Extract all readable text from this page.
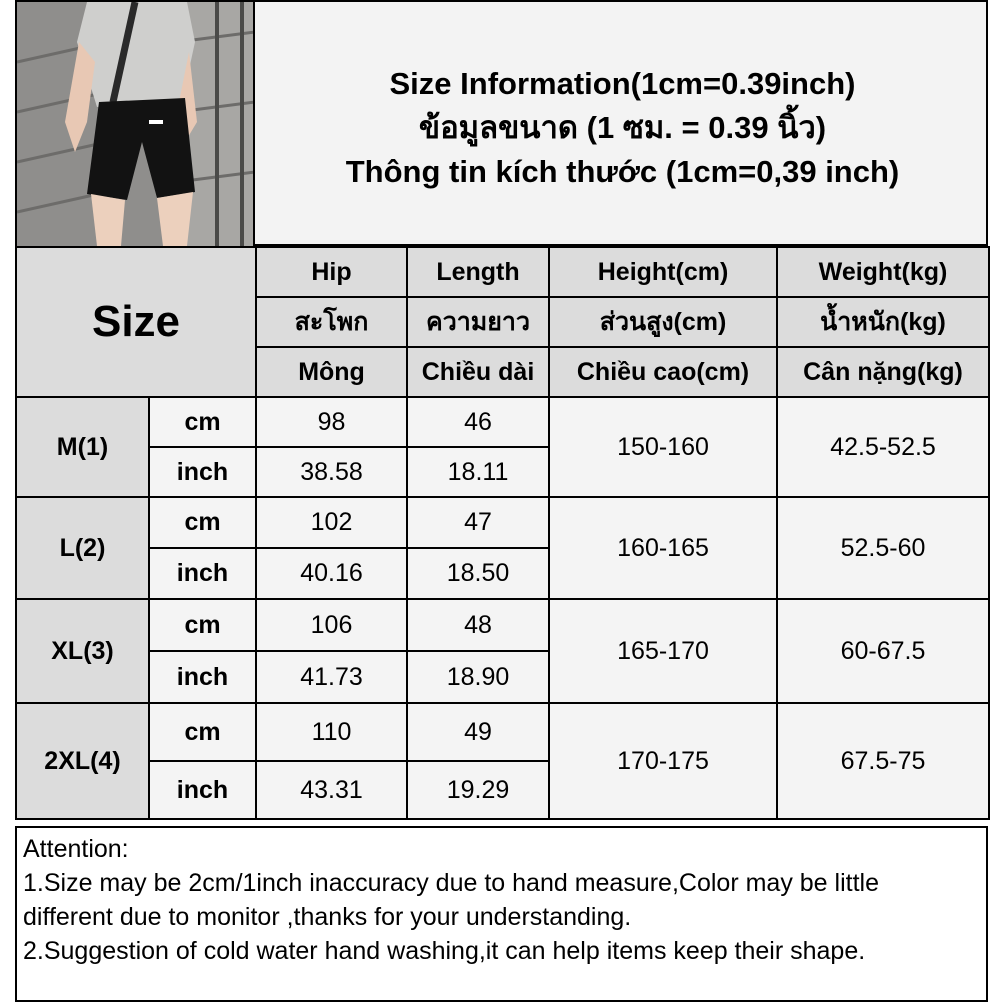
Size Information(1cm=0.39inch)
ข้อมูลขนาด (1 ซม. = 0.39 นิ้ว)
Thông tin kích thước (1cm=0,39 inch)
Size		Hip	Length	Height(cm)	Weight(kg)
		สะโพก	ความยาว	ส่วนสูง(cm)	น้ำหนัก(kg)
		Mông	Chiều dài	Chiều cao(cm)	Cân nặng(kg)
M(1)	cm	98	46	150-160	42.5-52.5
	inch	38.58	18.11		
L(2)	cm	102	47	160-165	52.5-60
	inch	40.16	18.50		
XL(3)	cm	106	48	165-170	60-67.5
	inch	41.73	18.90		
2XL(4)	cm	110	49	170-175	67.5-75
	inch	43.31	19.29		
Attention:
1.Size may be 2cm/1inch inaccuracy due to hand measure,Color may be little
different due to monitor ,thanks for your understanding.
2.Suggestion of cold water hand washing,it can help items keep their shape.
